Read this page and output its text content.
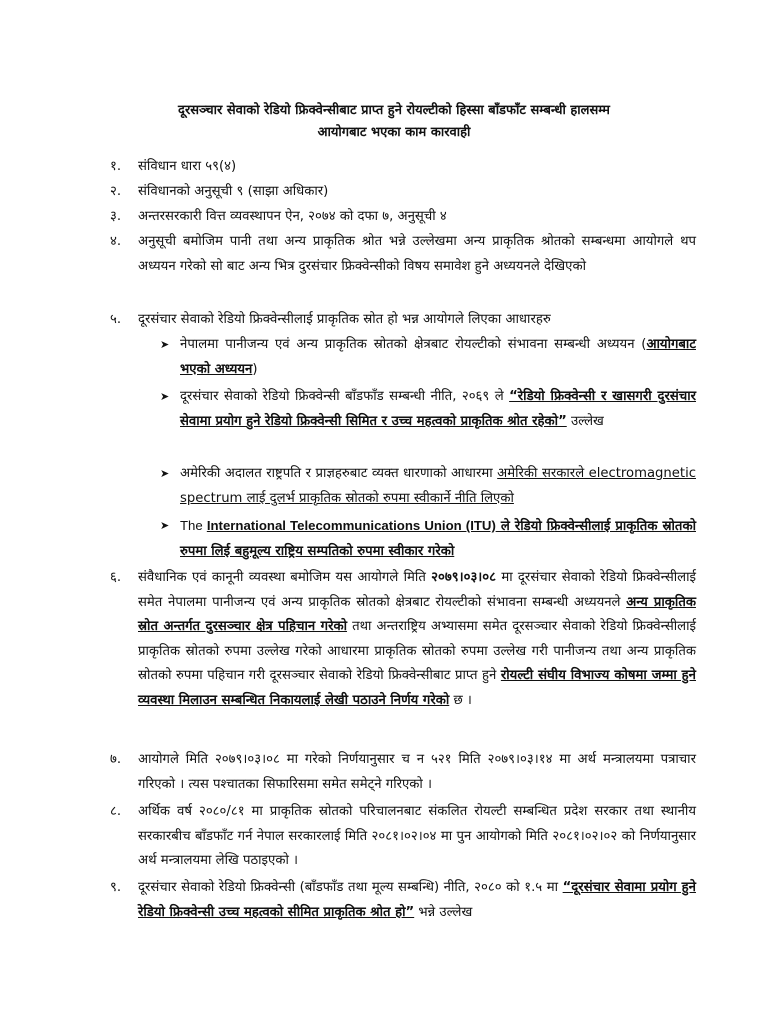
दूरसञ्चार सेवाको रेडियो फ्रिक्वेन्सीबाट प्राप्त हुने रोयल्टीको हिस्सा बाँडफाँट सम्बन्धी हालसम्म
आयोगबाट भएका काम कारवाही
१.	संविधान धारा ५९(४)
२.	संविधानको अनुसूची ९ (साझा अधिकार)
३.	अन्तरसरकारी वित्त व्यवस्थापन ऐन, २०७४ को दफा ७, अनुसूची ४
४.	अनुसूची बमोजिम पानी तथा अन्य प्राकृतिक श्रोत भन्ने उल्लेखमा अन्य प्राकृतिक श्रोतको सम्बन्धमा आयोगले थप अध्ययन गरेको सो बाट अन्य भित्र दुरसंचार फ्रिक्वेन्सीको विषय समावेश हुने अध्ययनले देखिएको
५.	दूरसंचार सेवाको रेडियो फ्रिक्वेन्सीलाई प्राकृतिक स्रोत हो भन्न आयोगले लिएका आधारहरु
➤ नेपालमा पानीजन्य एवं अन्य प्राकृतिक स्रोतको क्षेत्रबाट रोयल्टीको संभावना सम्बन्धी अध्ययन (आयोगबाट भएको अध्ययन)
➤ दूरसंचार सेवाको रेडियो फ्रिक्वेन्सी बाँडफाँड सम्बन्धी नीति, २०६९ ले “रेडियो फ्रिक्वेन्सी र खासगरी दुरसंचार सेवामा प्रयोग हुने रेडियो फ्रिक्वेन्सी सिमित र उच्च महत्वको प्राकृतिक श्रोत रहेको” उल्लेख
➤ अमेरिकी अदालत राष्ट्रपति र प्राज्ञहरुबाट व्यक्त धारणाको आधारमा अमेरिकी सरकारले electromagnetic spectrum लाई दुलर्भ प्राकृतिक स्रोतको रुपमा स्वीकार्ने नीति लिएको
➤ The International Telecommunications Union (ITU) ले रेडियो फ्रिक्वेन्सीलाई प्राकृतिक स्रोतको रुपमा लिई बहुमूल्य राष्ट्रिय सम्पतिको रुपमा स्वीकार गरेको
६.	संवैधानिक एवं कानूनी व्यवस्था बमोजिम यस आयोगले मिति २०७९।०३।०८ मा दूरसंचार सेवाको रेडियो फ्रिक्वेन्सीलाई समेत नेपालमा पानीजन्य एवं अन्य प्राकृतिक स्रोतको क्षेत्रबाट रोयल्टीको संभावना सम्बन्धी अध्ययनले अन्य प्राकृतिक स्रोत अन्तर्गत दुरसञ्चार क्षेत्र पहिचान गरेको तथा अन्तराष्ट्रिय अभ्यासमा समेत दूरसञ्चार सेवाको रेडियो फ्रिक्वेन्सीलाई प्राकृतिक स्रोतको रुपमा उल्लेख गरेको आधारमा प्राकृतिक स्रोतको रुपमा उल्लेख गरी पानीजन्य तथा अन्य प्राकृतिक स्रोतको रुपमा पहिचान गरी दूरसञ्चार सेवाको रेडियो फ्रिक्वेन्सीबाट प्राप्त हुने रोयल्टी संघीय विभाज्य कोषमा जम्मा हुने व्यवस्था मिलाउन सम्बन्धित निकायलाई लेखी पठाउने निर्णय गरेको छ ।
७.	आयोगले मिति २०७९।०३।०८ मा गरेको निर्णयानुसार च न ५२१ मिति २०७९।०३।१४ मा अर्थ मन्त्रालयमा पत्राचार गरिएको । त्यस पश्चातका सिफारिसमा समेत समेट्ने गरिएको ।
८.	अर्थिक वर्ष २०८०/८१ मा प्राकृतिक स्रोतको परिचालनबाट संकलित रोयल्टी सम्बन्धित प्रदेश सरकार तथा स्थानीय सरकारबीच बाँडफाँट गर्न नेपाल सरकारलाई मिति २०८१।०२।०४ मा पुन आयोगको मिति २०८१।०२।०२ को निर्णयानुसार अर्थ मन्त्रालयमा लेखि पठाइएको ।
९.	दूरसंचार सेवाको रेडियो फ्रिक्वेन्सी (बाँडफाँड तथा मूल्य सम्बन्धि) नीति, २०८० को १.५ मा “दूरसंचार सेवामा प्रयोग हुने रेडियो फ्रिक्वेन्सी उच्च महत्वको सीमित प्राकृतिक श्रोत हो” भन्ने उल्लेख
